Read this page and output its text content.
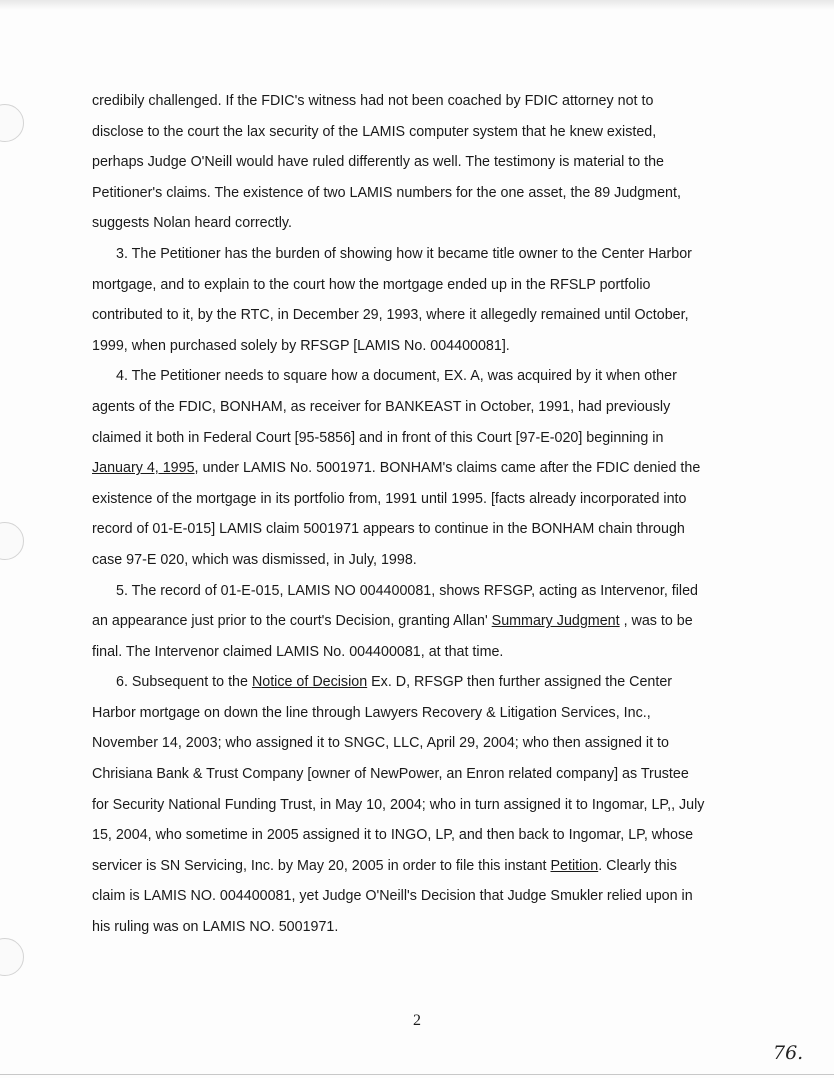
credibily challenged. If the FDIC's witness had not been coached by FDIC attorney not to
disclose to the court the lax security of the LAMIS computer system that he knew existed,
perhaps Judge O'Neill would have ruled differently as well. The testimony is material to the
Petitioner's claims. The existence of two LAMIS numbers for the one asset, the 89 Judgment,
suggests Nolan heard correctly.
3. The Petitioner has the burden of showing how it became title owner to the Center Harbor
mortgage, and to explain to the court how the mortgage ended up in the RFSLP portfolio
contributed to it, by the RTC, in December 29, 1993, where it allegedly remained until October,
1999, when purchased solely by RFSGP [LAMIS No. 004400081].
4. The Petitioner needs to square how a document, EX. A, was acquired by it when other
agents of the FDIC, BONHAM, as receiver for BANKEAST in October, 1991, had previously
claimed it both in Federal Court [95-5856] and in front of this Court [97-E-020] beginning in
January 4, 1995, under LAMIS No. 5001971. BONHAM's claims came after the FDIC denied the
existence of the mortgage in its portfolio from, 1991 until 1995. [facts already incorporated into
record of 01-E-015] LAMIS claim 5001971 appears to continue in the BONHAM chain through
case 97-E 020, which was dismissed, in July, 1998.
5. The record of 01-E-015, LAMIS NO 004400081, shows RFSGP, acting as Intervenor, filed
an appearance just prior to the court's Decision, granting Allan' Summary Judgment , was to be
final. The Intervenor claimed LAMIS No. 004400081, at that time.
6. Subsequent to the Notice of Decision Ex. D, RFSGP then further assigned the Center
Harbor mortgage on down the line through Lawyers Recovery & Litigation Services, Inc.,
November 14, 2003; who assigned it to SNGC, LLC, April 29, 2004; who then assigned it to
Chrisiana Bank & Trust Company [owner of NewPower, an Enron related company] as Trustee
for Security National Funding Trust, in May 10, 2004; who in turn assigned it to Ingomar, LP,, July
15, 2004, who sometime in 2005 assigned it to INGO, LP, and then back to Ingomar, LP, whose
servicer is SN Servicing, Inc. by May 20, 2005 in order to file this instant Petition. Clearly this
claim is LAMIS NO. 004400081, yet Judge O'Neill's Decision that Judge Smukler relied upon in
his ruling was on LAMIS NO. 5001971.
2
76.
